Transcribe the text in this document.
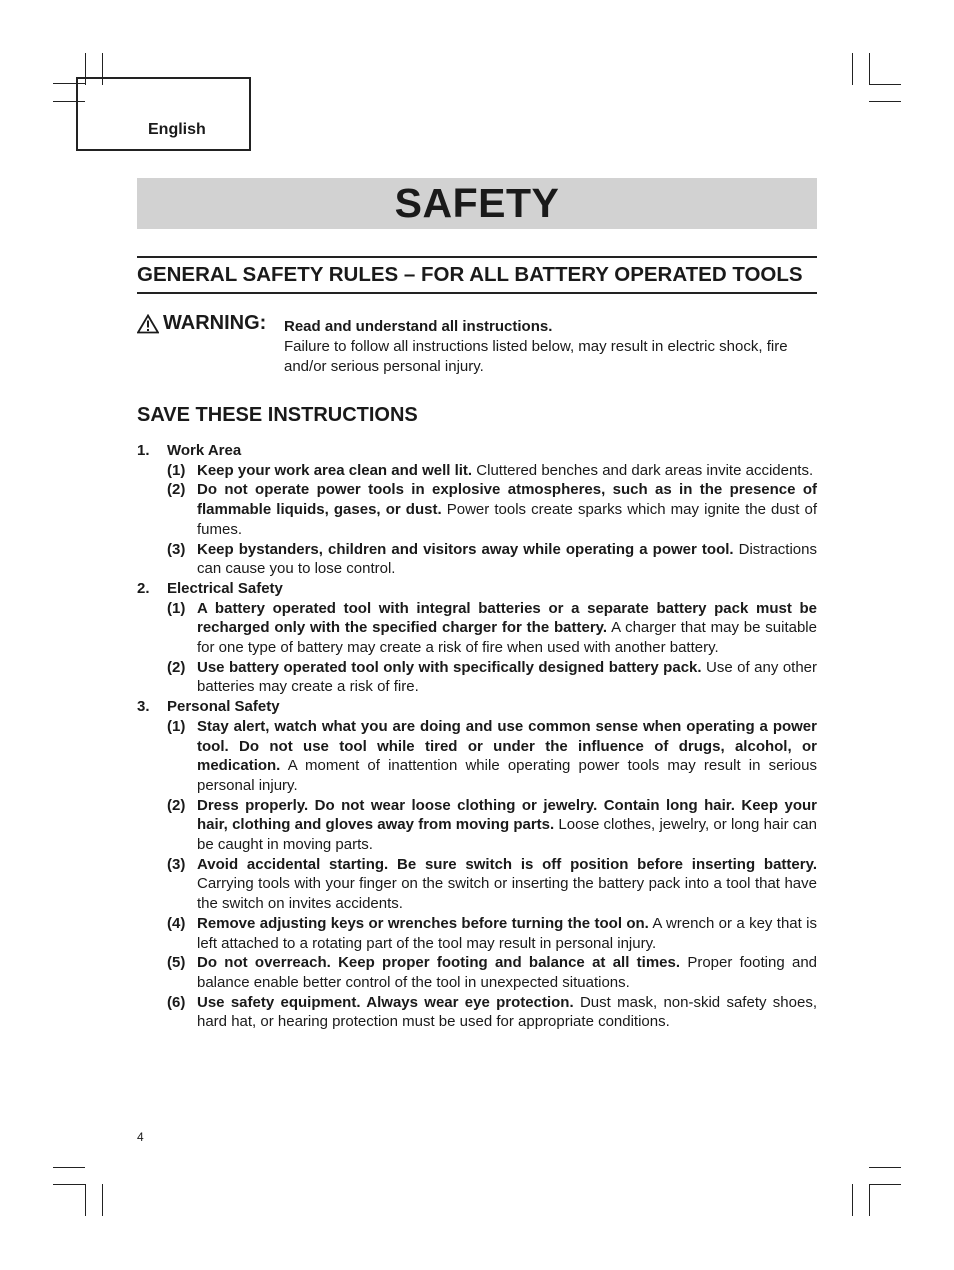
English
SAFETY
GENERAL SAFETY RULES – FOR ALL BATTERY OPERATED TOOLS
WARNING: Read and understand all instructions.
Failure to follow all instructions listed below, may result in electric shock, fire and/or serious personal injury.
SAVE THESE INSTRUCTIONS
1. Work Area
(1) Keep your work area clean and well lit. Cluttered benches and dark areas invite accidents.
(2) Do not operate power tools in explosive atmospheres, such as in the presence of flammable liquids, gases, or dust. Power tools create sparks which may ignite the dust of fumes.
(3) Keep bystanders, children and visitors away while operating a power tool. Distractions can cause you to lose control.
2. Electrical Safety
(1) A battery operated tool with integral batteries or a separate battery pack must be recharged only with the specified charger for the battery. A charger that may be suitable for one type of battery may create a risk of fire when used with another battery.
(2) Use battery operated tool only with specifically designed battery pack. Use of any other batteries may create a risk of fire.
3. Personal Safety
(1) Stay alert, watch what you are doing and use common sense when operating a power tool. Do not use tool while tired or under the influence of drugs, alcohol, or medication. A moment of inattention while operating power tools may result in serious personal injury.
(2) Dress properly. Do not wear loose clothing or jewelry. Contain long hair. Keep your hair, clothing and gloves away from moving parts. Loose clothes, jewelry, or long hair can be caught in moving parts.
(3) Avoid accidental starting. Be sure switch is off position before inserting battery. Carrying tools with your finger on the switch or inserting the battery pack into a tool that have the switch on invites accidents.
(4) Remove adjusting keys or wrenches before turning the tool on. A wrench or a key that is left attached to a rotating part of the tool may result in personal injury.
(5) Do not overreach. Keep proper footing and balance at all times. Proper footing and balance enable better control of the tool in unexpected situations.
(6) Use safety equipment. Always wear eye protection. Dust mask, non-skid safety shoes, hard hat, or hearing protection must be used for appropriate conditions.
4
